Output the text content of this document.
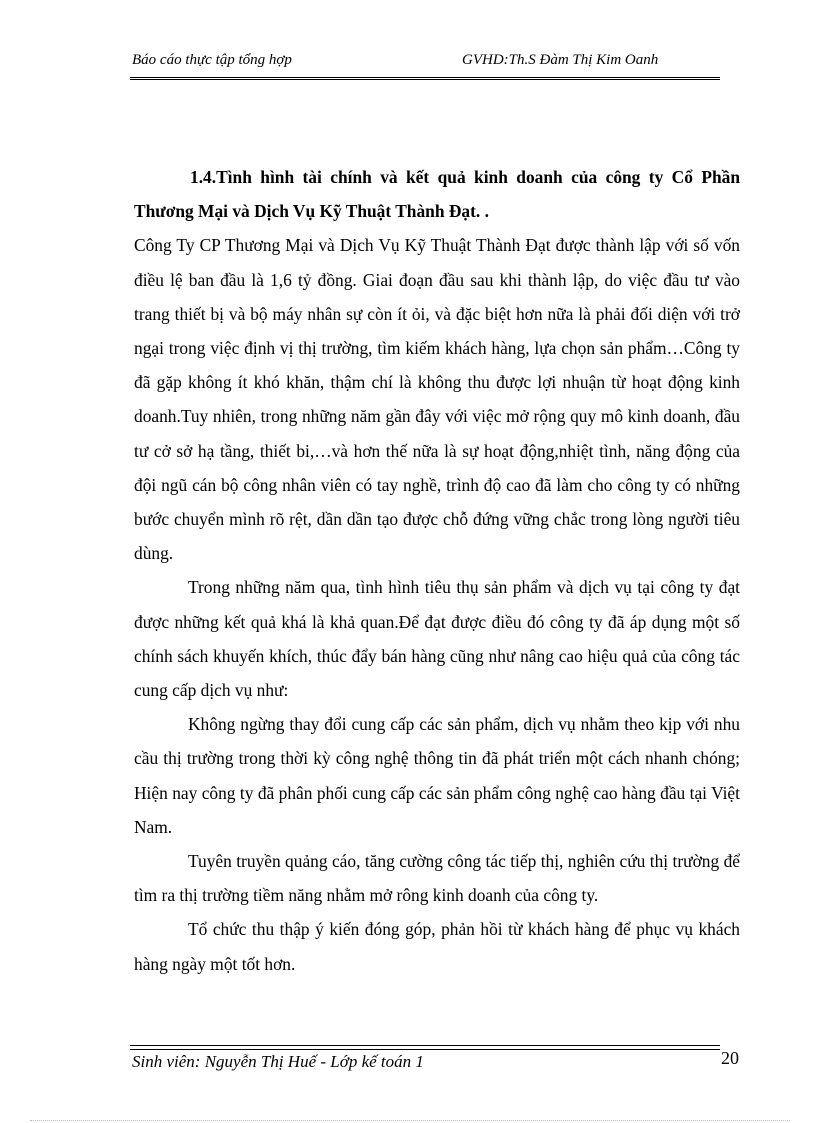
Báo cáo thực tập tổng hợp	GVHD:Th.S Đàm Thị Kim Oanh

1.4.Tình hình tài chính và kết quả kinh doanh của công ty Cổ Phần Thương Mại và Dịch Vụ Kỹ Thuật Thành Đạt. .

Công Ty CP Thương Mại và Dịch Vụ Kỹ Thuật Thành Đạt được thành lập với số vốn điều lệ ban đầu là 1,6 tỷ đồng. Giai đoạn đầu sau khi thành lập, do việc đầu tư vào trang thiết bị và bộ máy nhân sự còn ít ỏi, và đặc biệt hơn nữa là phải đối diện với trở ngại trong việc định vị thị trường, tìm kiếm khách hàng, lựa chọn sản phẩm…Công ty đã gặp không ít khó khăn, thậm chí là không thu được lợi nhuận từ hoạt động kinh doanh.Tuy nhiên, trong những năm gần đây với việc mở rộng quy mô kinh doanh, đầu tư cở sở hạ tầng, thiết bi,…và hơn thế nữa là sự hoạt động,nhiệt tình, năng động của đội ngũ cán bộ công nhân viên có tay nghề, trình độ cao đã làm cho công ty có những bước chuyển mình rõ rệt, dần dần tạo được chỗ đứng vững chắc trong lòng người tiêu dùng.

Trong những năm qua, tình hình tiêu thụ sản phẩm và dịch vụ tại công ty đạt được những kết quả khá là khả quan.Để đạt được điều đó công ty đã áp dụng một số chính sách khuyến khích, thúc đẩy bán hàng cũng như nâng cao hiệu quả của công tác cung cấp dịch vụ như:

Không ngừng thay đổi cung cấp các sản phẩm, dịch vụ nhằm theo kịp với nhu cầu thị trường trong thời kỳ công nghệ thông tin đã phát triển một cách nhanh chóng; Hiện nay công ty đã phân phối cung cấp các sản phẩm công nghệ cao hàng đầu tại Việt Nam.

Tuyên truyền quảng cáo, tăng cường công tác tiếp thị, nghiên cứu thị trường để tìm ra thị trường tiềm năng nhằm mở rông kinh doanh của công ty.

Tổ chức thu thập ý kiến đóng góp, phản hồi từ khách hàng để phục vụ khách hàng ngày một tốt hơn.

Sinh viên: Nguyễn Thị Huế - Lớp kế toán 1	20
